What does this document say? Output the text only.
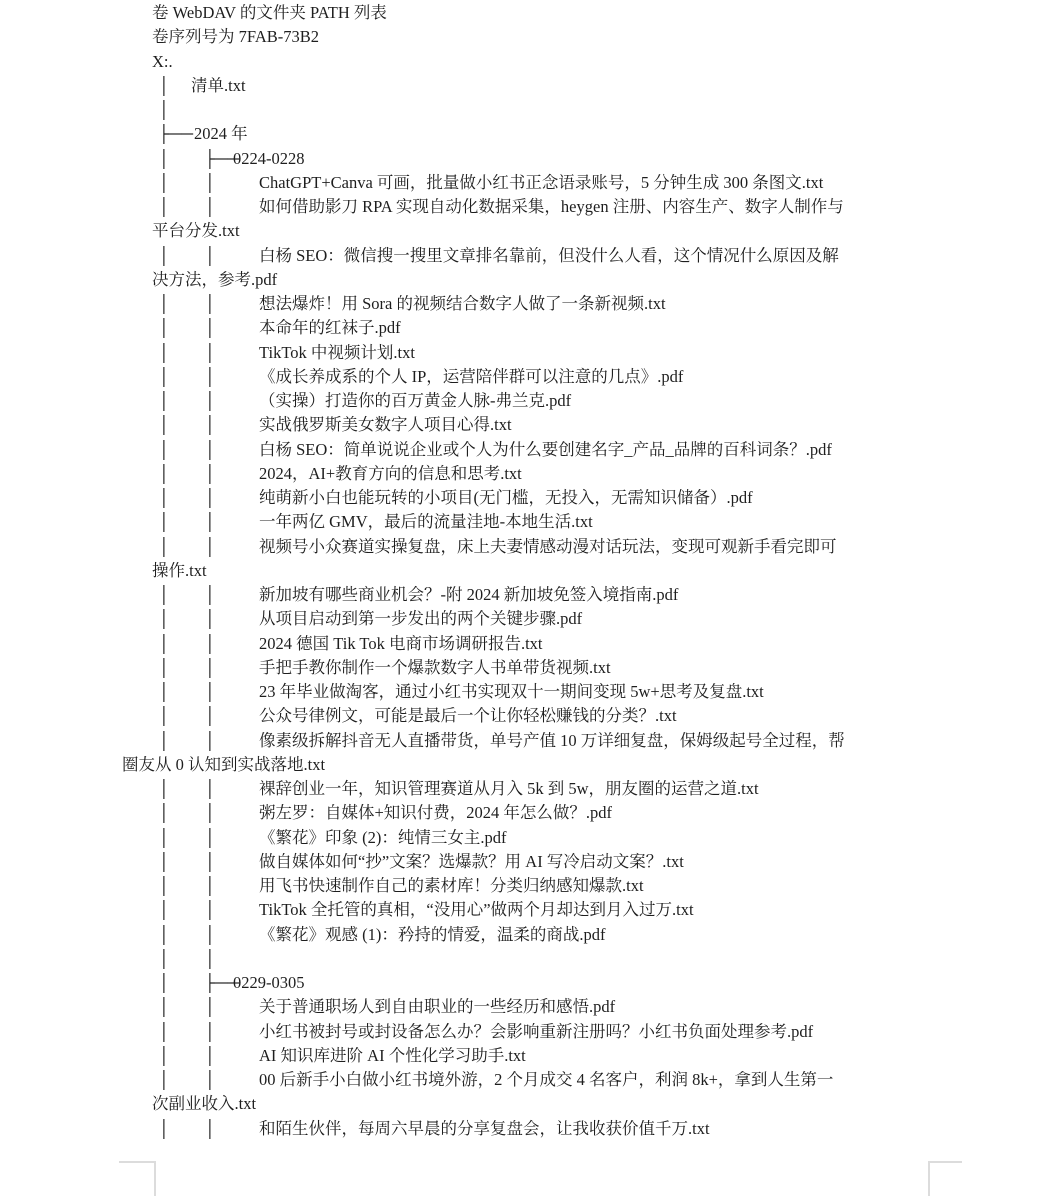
卷 WebDAV 的文件夹 PATH 列表
卷序列号为 7FAB-73B2
X:.
│ 清单.txt
│
├──2024 年
│ ├──0224-0228
│ │	ChatGPT+Canva 可画，批量做小红书正念语录账号，5 分钟生成 300 条图文.txt
│ │	如何借助影刀 RPA 实现自动化数据采集，heygen 注册、内容生产、数字人制作与
平台分发.txt
│ │	白杨 SEO：微信搜一搜里文章排名靠前，但没什么人看，这个情况什么原因及解
决方法，参考.pdf
│ │	想法爆炸！用 Sora 的视频结合数字人做了一条新视频.txt
│ │	本命年的红袜子.pdf
│ │	TikTok 中视频计划.txt
│ │	《成长养成系的个人 IP，运营陪伴群可以注意的几点》.pdf
│ │	（实操）打造你的百万黄金人脉-弗兰克.pdf
│ │	实战俄罗斯美女数字人项目心得.txt
│ │	白杨 SEO：简单说说企业或个人为什么要创建名字_产品_品牌的百科词条？.pdf
│ │	2024，AI+教育方向的信息和思考.txt
│ │	纯萌新小白也能玩转的小项目(无门槛，无投入，无需知识储备）.pdf
│ │	一年两亿 GMV，最后的流量洼地-本地生活.txt
│ │	视频号小众赛道实操复盘，床上夫妻情感动漫对话玩法，变现可观新手看完即可
操作.txt
│ │	新加坡有哪些商业机会？-附 2024 新加坡免签入境指南.pdf
│ │	从项目启动到第一步发出的两个关键步骤.pdf
│ │	2024 德国 Tik Tok 电商市场调研报告.txt
│ │	手把手教你制作一个爆款数字人书单带货视频.txt
│ │	23 年毕业做淘客，通过小红书实现双十一期间变现 5w+思考及复盘.txt
│ │	公众号律例文，可能是最后一个让你轻松赚钱的分类？.txt
│ │	像素级拆解抖音无人直播带货，单号产值 10 万详细复盘，保姆级起号全过程，帮
圈友从 0 认知到实战落地.txt
│ │	裸辞创业一年，知识管理赛道从月入 5k 到 5w，朋友圈的运营之道.txt
│ │	粥左罗：自媒体+知识付费，2024 年怎么做？.pdf
│ │	《繁花》印象 (2)：纯情三女主.pdf
│ │	做自媒体如何“抄”文案？选爆款？用 AI 写冷启动文案？.txt
│ │	用飞书快速制作自己的素材库！分类归纳感知爆款.txt
│ │	TikTok 全托管的真相，“没用心”做两个月却达到月入过万.txt
│ │	《繁花》观感 (1)：矜持的情爱，温柔的商战.pdf
│ │
│ ├──0229-0305
│ │	关于普通职场人到自由职业的一些经历和感悟.pdf
│ │	小红书被封号或封设备怎么办？会影响重新注册吗？小红书负面处理参考.pdf
│ │	AI 知识库进阶 AI 个性化学习助手.txt
│ │	00 后新手小白做小红书境外游，2 个月成交 4 名客户，利润 8k+，拿到人生第一
次副业收入.txt
│ │	和陌生伙伴，每周六早晨的分享复盘会，让我收获价值千万.txt
